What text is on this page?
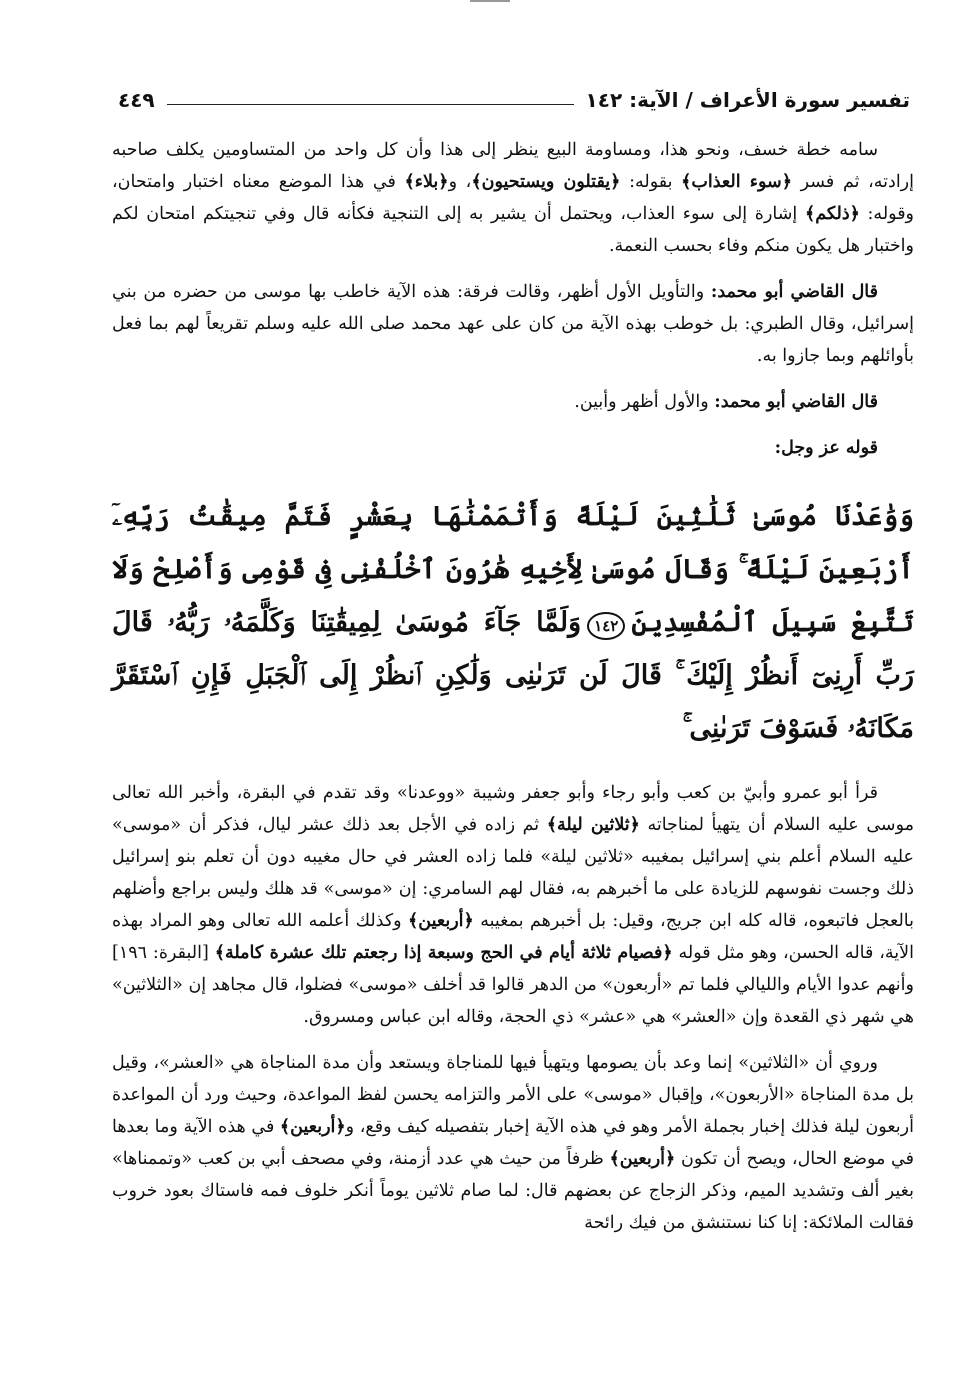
تفسير سورة الأعراف / الآية: ١٤٢
٤٤٩

سامه خطة خسف، ونحو هذا، ومساومة البيع ينظر إلى هذا وأن كل واحد من المتساومين يكلف صاحبه إرادته، ثم فسر ﴿سوء العذاب﴾ بقوله: ﴿يقتلون ويستحيون﴾، و﴿بلاء﴾ في هذا الموضع معناه اختبار وامتحان، وقوله: ﴿ذلكم﴾ إشارة إلى سوء العذاب، ويحتمل أن يشير به إلى التنجية فكأنه قال وفي تنجيتكم امتحان لكم واختبار هل يكون منكم وفاء بحسب النعمة.

قال القاضي أبو محمد: والتأويل الأول أظهر، وقالت فرقة: هذه الآية خاطب بها موسى من حضره من بني إسرائيل، وقال الطبري: بل خوطب بهذه الآية من كان على عهد محمد صلى الله عليه وسلم تقريعاً لهم بما فعل بأوائلهم وبما جازوا به.

قال القاضي أبو محمد: والأول أظهر وأبين.

قوله عز وجل:

وَوَٰعَدْنَا مُوسَىٰ ثَلَٰثِينَ لَيْلَةً وَأَتْمَمْنَٰهَا بِعَشْرٍ فَتَمَّ مِيقَٰتُ رَبِّهِۦٓ أَرْبَعِينَ لَيْلَةً ۚ وَقَالَ مُوسَىٰ لِأَخِيهِ هَٰرُونَ ٱخْلُفْنِى فِى قَوْمِى وَأَصْلِحْ وَلَا تَتَّبِعْ سَبِيلَ ٱلْمُفْسِدِينَ١٤٢وَلَمَّا جَآءَ مُوسَىٰ لِمِيقَٰتِنَا وَكَلَّمَهُۥ رَبُّهُۥ قَالَ رَبِّ أَرِنِىٓ أَنظُرْ إِلَيْكَ ۚ قَالَ لَن تَرَىٰنِى وَلَٰكِنِ ٱنظُرْ إِلَى ٱلْجَبَلِ فَإِنِ ٱسْتَقَرَّ مَكَانَهُۥ فَسَوْفَ تَرَىٰنِى ۚ

قرأ أبو عمرو وأبيّ بن كعب وأبو رجاء وأبو جعفر وشيبة «ووعدنا» وقد تقدم في البقرة، وأخبر الله تعالى موسى عليه السلام أن يتهيأ لمناجاته ﴿ثلاثين ليلة﴾ ثم زاده في الأجل بعد ذلك عشر ليال، فذكر أن «موسى» عليه السلام أعلم بني إسرائيل بمغيبه «ثلاثين ليلة» فلما زاده العشر في حال مغيبه دون أن تعلم بنو إسرائيل ذلك وجست نفوسهم للزيادة على ما أخبرهم به، فقال لهم السامري: إن «موسى» قد هلك وليس براجع وأضلهم بالعجل فاتبعوه، قاله كله ابن جريج، وقيل: بل أخبرهم بمغيبه ﴿أربعين﴾ وكذلك أعلمه الله تعالى وهو المراد بهذه الآية، قاله الحسن، وهو مثل قوله ﴿فصيام ثلاثة أيام في الحج وسبعة إذا رجعتم تلك عشرة كاملة﴾ [البقرة: ١٩٦] وأنهم عدوا الأيام والليالي فلما تم «أربعون» من الدهر قالوا قد أخلف «موسى» فضلوا، قال مجاهد إن «الثلاثين» هي شهر ذي القعدة وإن «العشر» هي «عشر» ذي الحجة، وقاله ابن عباس ومسروق.

وروي أن «الثلاثين» إنما وعد بأن يصومها ويتهيأ فيها للمناجاة ويستعد وأن مدة المناجاة هي «العشر»، وقيل بل مدة المناجاة «الأربعون»، وإقبال «موسى» على الأمر والتزامه يحسن لفظ المواعدة، وحيث ورد أن المواعدة أربعون ليلة فذلك إخبار بجملة الأمر وهو في هذه الآية إخبار بتفصيله كيف وقع، و﴿أربعين﴾ في هذه الآية وما بعدها في موضع الحال، ويصح أن تكون ﴿أربعين﴾ ظرفاً من حيث هي عدد أزمنة، وفي مصحف أبي بن كعب «وتممناها» بغير ألف وتشديد الميم، وذكر الزجاج عن بعضهم قال: لما صام ثلاثين يوماً أنكر خلوف فمه فاستاك بعود خروب فقالت الملائكة: إنا كنا نستنشق من فيك رائحة
